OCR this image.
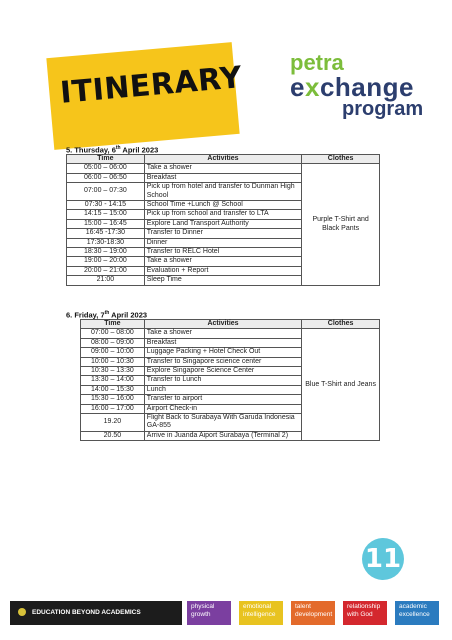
ITINERARY petra
exchange
program
5. Thursday, 6th April 2023
Time	Activities	Clothes
05:00 – 06:00	Take a shower	Purple T-Shirt and Black Pants
06:00 – 06:50	Breakfast	
07:00 – 07:30	Pick up from hotel and transfer to Dunman High School	
07:30 - 14:15	School Time +Lunch @ School	
14:15 – 15:00	Pick up from school and transfer to LTA	
15:00 – 16:45	Explore Land Transport Authority	
16:45 -17:30	Transfer to Dinner	
17:30-18:30	Dinner	
18:30 – 19:00	Transfer to RELC Hotel	
19:00 – 20:00	Take a shower	
20:00 – 21:00	Evaluation + Report	
21:00	Sleep Time	
6. Friday, 7th April 2023
Time	Activities	Clothes
07:00 – 08:00	Take a shower	Blue T-Shirt and Jeans
08:00 – 09:00	Breakfast	
09:00 – 10:00	Luggage Packing + Hotel Check Out	
10:00 – 10:30	Transfer to Singapore science center	
10:30 – 13:30	Explore Singapore Science Center	
13:30 – 14:00	Transfer to Lunch	
14:00 – 15:30	Lunch	
15:30 – 16:00	Transfer to airport	
16:00 – 17:00	Airport Check-in	
19.20	Flight Back to Surabaya With Garuda Indonesia GA-855	
20.50	Arrive in Juanda Aiport Surabaya (Terminal 2)	
11
EDUCATION BEYOND ACADEMICS
physical growth
emotional intelligence
talent development
relationship with God
academic excellence
